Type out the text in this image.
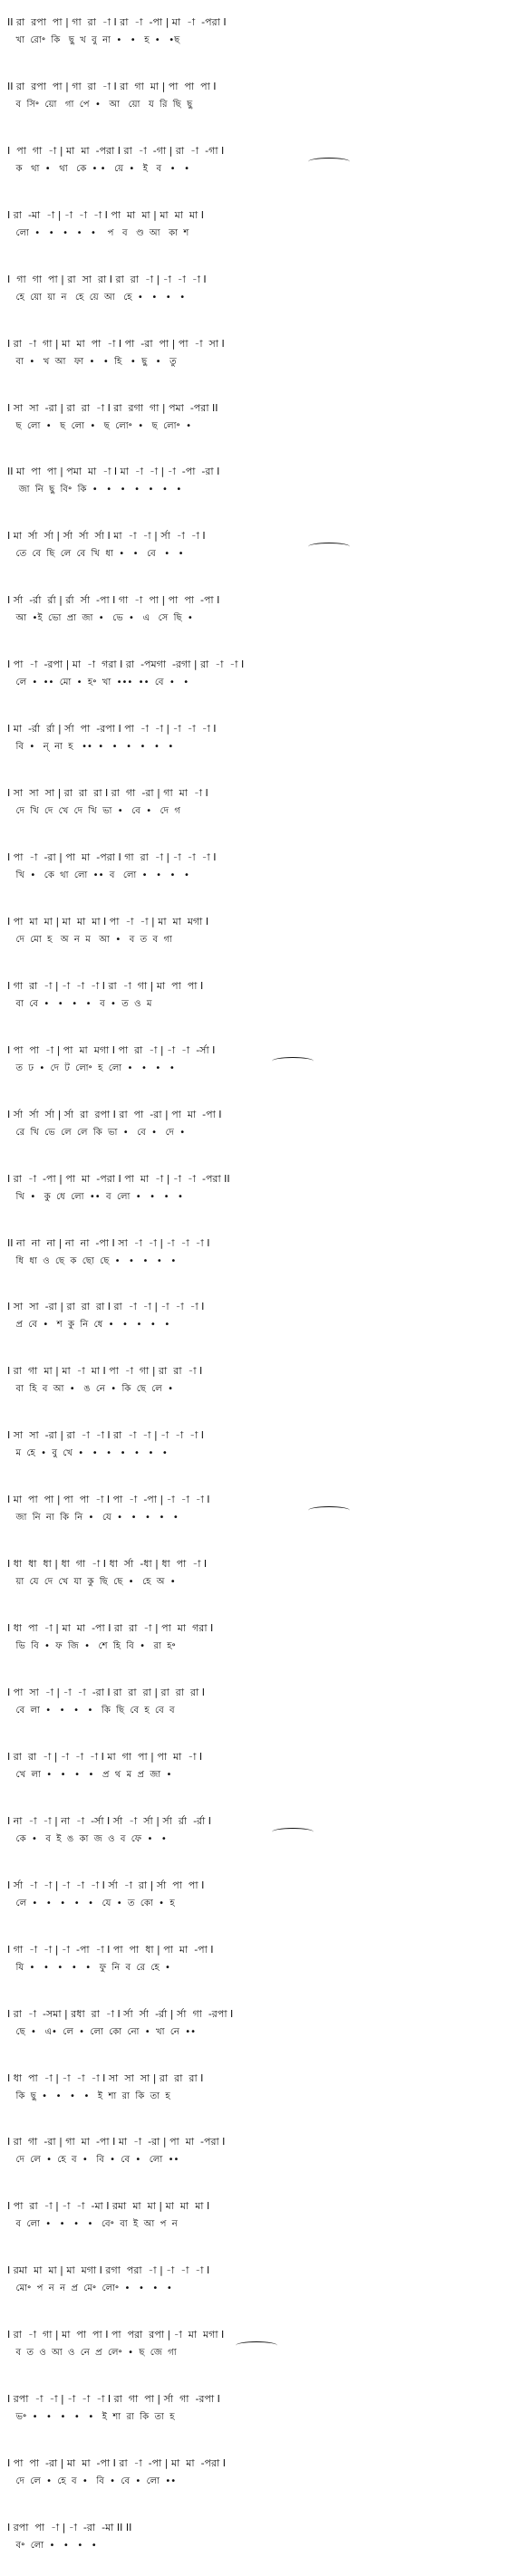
II রা  রপা  পা | গা  রা  -া I রা  -া  -পা | মা  -া  -পরা I
খা  রো॰  কি   ছু  খ  বু  না  •   •   হ  •   •ছ
II রা  রপা  পা | গা  রা  -া I রা  গা  মা | পা  পা  পা I
ব  সি॰  য়ো   গা  পে  •   আ   য়ো   য  রি  ছি  ছু
I  পা  গা  -া | মা  মা  -পরা I রা  -া  -গা | রা  -া  -গা I
ক   থা  •   থা   কে  • •   য়ে  •   ই   ব   •   •
I রা  -মা  -া | -া  -া  -া I পা  মা  মা | মা  মা  মা I
লো  •   •   •   •   •    প   ব   ণ্ড  আ   কা  শ
I  গা  গা  পা | রা  সা  রা I রা  রা  -া | -া  -া  -া I
হে  য়ো  য়া  ন   হে  য়ে  আ   হে  •   •   •   •
I রা  -া  গা | মা  মা  পা  -া I পা  -রা  পা | পা  -া  সা I
বা  •   খ  আ   ফা  •   •  হি   •  ছু   •   তু
I সা  সা  -রা | রা  রা  -া I রা  রগা  গা | পমা  -পরা II
ছ  লো  •   ছ  লো  •   ছ  লো॰  •   ছ  লো॰  •
II মা  পা  পা | পমা  মা  -া I মা  -া  -া | -া  -পা  -রা I
জা  নি  ছু  বি॰  কি  •   •   •   •   •   •   •
I মা  র্সা  র্সা | র্সা  র্সা  র্সা I মা  -া  -া | র্সা  -া  -া I
তে  বে  ছি  লে  বে  খি  ধা  •   •   বে   •   •
I র্সা  -র্রা  র্রা | র্রা  র্সা  -পা I গা  -া  পা | পা  পা  -পা I
আ  •ই  ভো  প্ৰা  জা  •   ভে  •   এ   সে  ছি  •
I পা  -া  -রপা | মা  -া  গরা I রা  -পমগা  -রগা | রা  -া  -া I
লে  •  ••  মো  •  হ॰  খা  •••  ••  বে  •   •
I মা  -র্রা  র্রা | র্সা  পা  -রপা I পা  -া  -া | -া  -া  -া I
বি  •   ন্  না  হ   ••  •   •   •   •   •   •
I সা  সা  সা | রা  রা  রা I রা  গা  -রা | গা  মা  -া I
দে  খি  দে  খে  দে  খি  ভা  •   বে  •   দে  গ
I পা  -া  -রা | পা  মা  -পরা I গা  রা  -া | -া  -া  -া I
খি  •   কে  থা  লো  ••  ব   লো  •   •   •   •
I পা  মা  মা | মা  মা  মা I পা  -া  -া | মা  মা  মগা I
দে  মো  হ   অ  ন  ম   আ  •   ব  ত  ব  গা
I গা  রা  -া | -া  -া  -া I রা  -া  গা | মা  পা  পা I
বা  বে  •   •   •   •   ব  •  ত  ও  ম
I পা  পা  -া | পা  মা  মগা I পা  রা  -া | -া  -া  -র্সা I
ত  ঢ  •  দে  ট  লো॰  হ  লো  •   •   •   •
I র্সা  র্সা  র্সা | র্সা  রা  রপা I রা  পা  -রা | পা  মা  -পা I
রে  খি  ভে  লে  লে  কি  ভা  •   বে  •   দে  •
I রা  -া  -পা | পা  মা  -পরা I পা  মা  -া | -া  -া  -পরা II
খি  •   কু  ধে  লো  ••  ব  লো  •   •   •   •
II না  না  না | না  না  -পা I সা  -া  -া | -া  -া  -া I
ধি  ধা  ও  ছে  ক  ছো  ছে  •   •   •   •   •
I সা  সা  -রা | রা  রা  রা I রা  -া  -া | -া  -া  -া I
প্ৰ  বে  •   শ  কু  নি  ধে  •   •   •   •   •
I রা  গা  মা | মা  -া  মা I পা  -া  গা | রা  রা  -া I
বা  হি  ব  আ  •   ঙ  নে  •  কি  ছে  লে  •
I সা  সা  -রা | রা  -া  -া I রা  -া  -া | -া  -া  -া I
ম  হে  •  বু  খে  •   •   •   •   •   •   •
I মা  পা  পা | পা  পা  -া I পা  -া  -পা | -া  -া  -া I
জা  নি  না  কি  নি  •   যে  •   •   •   •   •
I ধা  ধা  ধা | ধা  গা  -া I ধা  র্সা  -ধা | ধা  পা  -া I
য়া  যে  দে  খে  যা  কু  ছি  ছে  •   হে  অ  •
I ধা  পা  -া | মা  মা  -পা I রা  রা  -া | পা  মা  গরা I
ভি  বি  •  ফ  জি  •   শে  হি  বি  •   রা  হ॰
I পা  সা  -া | -া  -া  -রা I রা  রা  রা | রা  রা  রা I
বে  লা  •   •   •   •   কি  ছি  বে  হ  বে  ব
I রা  রা  -া | -া  -া  -া I মা  গা  পা | পা  মা  -া I
খে  লা  •   •   •   •   প্ৰ  থ  ম  প্ৰ  জা  •
I না  -া  -া | না  -া  -র্সা I র্সা  -া  র্সা | র্সা  র্রা  -র্রা I
কে  •   ব  ই  ঙ  কা  জ  ও  ব  ফে  •   •
I র্সা  -া  -া | -া  -া  -া I র্সা  -া  রা | র্সা  পা  পা I
লে  •   •   •   •   •   যে  •  ত  কো  •  হ
I গা  -া  -া | -া  -পা  -া I পা  পা  ধা | পা  মা  -পা I
যি  •   •   •   •   •   ফু  নি  ব  রে  হে  •
I রা  -া  -সমা | রধা  রা  -া I র্সা  র্সা  -র্রা | র্সা  গা  -রপা I
ছে  •   এ•  লে  •  লো  কো  নো  •  খা  নে  ••
I ধা  পা  -া | -া  -া  -া I সা  সা  সা | রা  রা  রা I
কি  ছু  •   •   •   •   ই  শা  রা  কি  তা  হ
I রা  গা  -রা | গা  মা  -পা I মা  -া  -রা | পা  মা  -পরা I
দে  লে  •  হে  ব  •   বি  •  বে  •   লো  ••
I পা  রা  -া | -া  -া  -মা I রমা  মা  মা | মা  মা  মা I
ব  লো  •   •   •   •   বে॰  বা  ই  আ  প  ন
I রমা  মা  মা | মা  মগা I রগা  পরা  -া | -া  -া  -া I
মো॰  প  ন  ন  প্ৰ  মে॰  লো॰  •   •   •   •
I রা  -া  গা | মা  পা  পা I পা  পরা  রপা | -া  মা  মগা I
ব  ত  ও  আ  ও  নে  প্ৰ  লে॰  •  ছ  জে  গা
I রপা  -া  -া | -া  -া  -া I রা  গা  পা | র্সা  গা  -রপা I
ভ॰  •   •   •   •   •   ই  শা  রা  কি  তা  হ
I পা  পা  -রা | মা  মা  -পা I রা  -া  -পা | মা  মা  -পরা I
দে  লে  •  হে  ব  •   বি  •  বে  •  লো  ••
I রপা  পা  -া | -া  -রা  -মা II II
ব॰  লো  •   •   •   •
